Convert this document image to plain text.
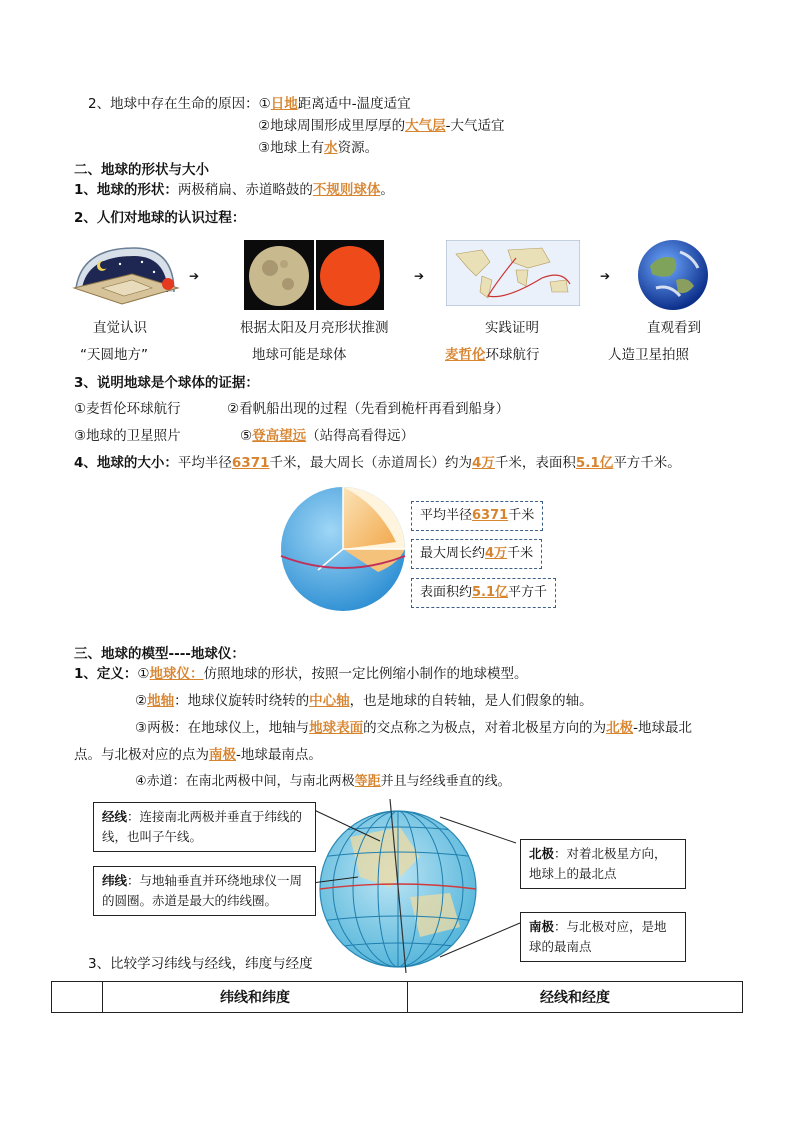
2、地球中存在生命的原因：①日地距离适中-温度适宜
②地球周围形成里厚厚的大气层-大气适宜
③地球上有水资源。
二、地球的形状与大小
1、地球的形状：两极稍扁、赤道略鼓的不规则球体。
2、人们对地球的认识过程：
➔	➔	➔
直觉认识	根据太阳及月亮形状推测	实践证明	直观看到
“天圆地方”	地球可能是球体	麦哲伦环球航行	人造卫星拍照
3、说明地球是个球体的证据：
①麦哲伦环球航行	②看帆船出现的过程（先看到桅杆再看到船身）
③地球的卫星照片	⑤登高望远（站得高看得远）
4、地球的大小：平均半径6371千米，最大周长（赤道周长）约为4万千米，表面积5.1亿平方千米。
平均半径6371千米
最大周长约4万千米
表面积约5.1亿平方千
三、地球的模型----地球仪：
1、定义：①地球仪：仿照地球的形状，按照一定比例缩小制作的地球模型。
②地轴：地球仪旋转时绕转的中心轴，也是地球的自转轴，是人们假象的轴。
③两极：在地球仪上，地轴与地球表面的交点称之为极点，对着北极星方向的为北极-地球最北
点。与北极对应的点为南极-地球最南点。
④赤道：在南北两极中间，与南北两极等距并且与经线垂直的线。
经线：连接南北两极并垂直于纬线的线，也叫子午线。
纬线：与地轴垂直并环绕地球仪一周的圆圈。赤道是最大的纬线圈。
北极：对着北极星方向，地球上的最北点
南极：与北极对应，是地球的最南点
3、比较学习纬线与经线，纬度与经度
	纬线和纬度	经线和经度
